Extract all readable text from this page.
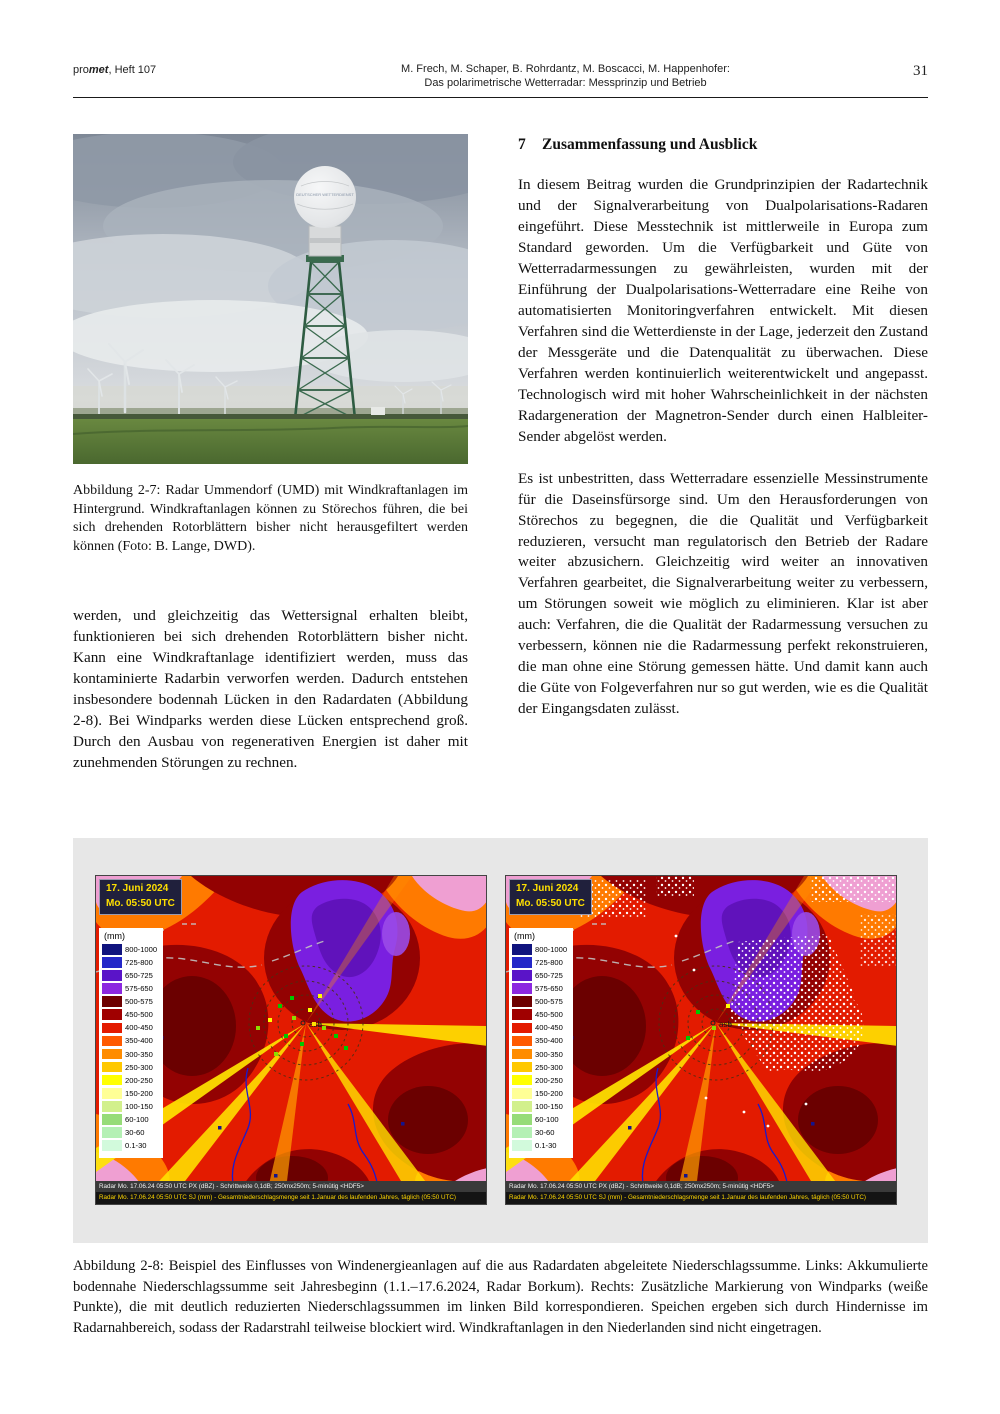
promet, Heft 107	M. Frech, M. Schaper, B. Rohrdantz, M. Boscacci, M. Happenhofer:
Das polarimetrische Wetterradar: Messprinzip und Betrieb
31
DEUTSCHER WETTERDIENST

Abbildung 2-7: Radar Ummendorf (UMD) mit Windkraftanlagen im Hintergrund. Windkraftanlagen können zu Störechos führen, die bei sich drehenden Rotorblättern bisher nicht herausgefiltert werden können (Foto: B. Lange, DWD).

werden, und gleichzeitig das Wettersignal erhalten bleibt, funktionieren bei sich drehenden Rotorblättern bisher nicht. Kann eine Windkraftanlage identifiziert werden, muss das kontaminierte Radarbin verworfen werden. Dadurch entstehen insbesondere bodennah Lücken in den Radardaten (Abbildung 2-8). Bei Windparks werden diese Lücken entsprechend groß. Durch den Ausbau von regenerativen Energien ist daher mit zunehmenden Störungen zu rechnen.

7	Zusammenfassung und Ausblick

In diesem Beitrag wurden die Grundprinzipien der Radartechnik und der Signalverarbeitung von Dualpolarisations-Radaren eingeführt. Diese Messtechnik ist mittlerweile in Europa zum Standard geworden. Um die Verfügbarkeit und Güte von Wetterradarmessungen zu gewährleisten, wurden mit der Einführung der Dualpolarisations-Wetterradare eine Reihe von automatisierten Monitoringverfahren entwickelt. Mit diesen Verfahren sind die Wetterdienste in der Lage, jederzeit den Zustand der Messgeräte und die Datenqualität zu überwachen. Diese Verfahren werden kontinuierlich weiterentwickelt und angepasst. Technologisch wird mit hoher Wahrscheinlichkeit in der nächsten Radargeneration der Magnetron-Sender durch einen Halbleiter-Sender abgelöst werden.

Es ist unbestritten, dass Wetterradare essenzielle Messinstrumente für die Daseinsfürsorge sind. Um den Herausforderungen von Störechos zu begegnen, die die Qualität und Verfügbarkeit reduzieren, versucht man regulatorisch den Betrieb der Radare weiter abzusichern. Gleichzeitig wird weiter an innovativen Verfahren gearbeitet, die Signalverarbeitung weiter zu verbessern, um Störungen soweit wie möglich zu eliminieren. Klar ist aber auch: Verfahren, die die Qualität der Radarmessung versuchen zu verbessern, können nie die Radarmessung perfekt rekonstruieren, die man ohne eine Störung gemessen hätte. Und damit kann auch die Güte von Folgeverfahren nur so gut werden, wie es die Qualität der Eingangsdaten zulässt.

17. Juni 2024
Mo. 05:50 UTC
(mm)
800-1000
725-800
650-725
575-650
500-575
450-500
400-450
350-400
300-350
250-300
200-250
150-200
100-150
60-100
30-60
0.1-30
Radar Mo. 17.06.24 05:50 UTC PX (dBZ) - Schrittweite 0,1dB; 250mx250m; 5-minütig <HDF5>
Radar Mo. 17.06.24 05:50 UTC SJ (mm) - Gesamtniederschlagsmenge seit 1.Januar des laufenden Jahres, täglich (05:50 UTC)
17. Juni 2024
Mo. 05:50 UTC
(mm)
800-1000
725-800
650-725
575-650
500-575
450-500
400-450
350-400
300-350
250-300
200-250
150-200
100-150
60-100
30-60
0.1-30
Radar Mo. 17.06.24 05:50 UTC PX (dBZ) - Schrittweite 0,1dB; 250mx250m; 5-minütig <HDF5>
Radar Mo. 17.06.24 05:50 UTC SJ (mm) - Gesamtniederschlagsmenge seit 1.Januar des laufenden Jahres, täglich (05:50 UTC)

Abbildung 2-8: Beispiel des Einflusses von Windenergieanlagen auf die aus Radardaten abgeleitete Niederschlagssumme. Links: Akkumulierte bodennahe Niederschlagssumme seit Jahresbeginn (1.1.–17.6.2024, Radar Borkum). Rechts: Zusätzliche Markierung von Windparks (weiße Punkte), die mit deutlich reduzierten Niederschlagssummen im linken Bild korrespondieren. Speichen ergeben sich durch Hindernisse im Radarnahbereich, sodass der Radarstrahl teilweise blockiert wird. Windkraftanlagen in den Niederlanden sind nicht eingetragen.
